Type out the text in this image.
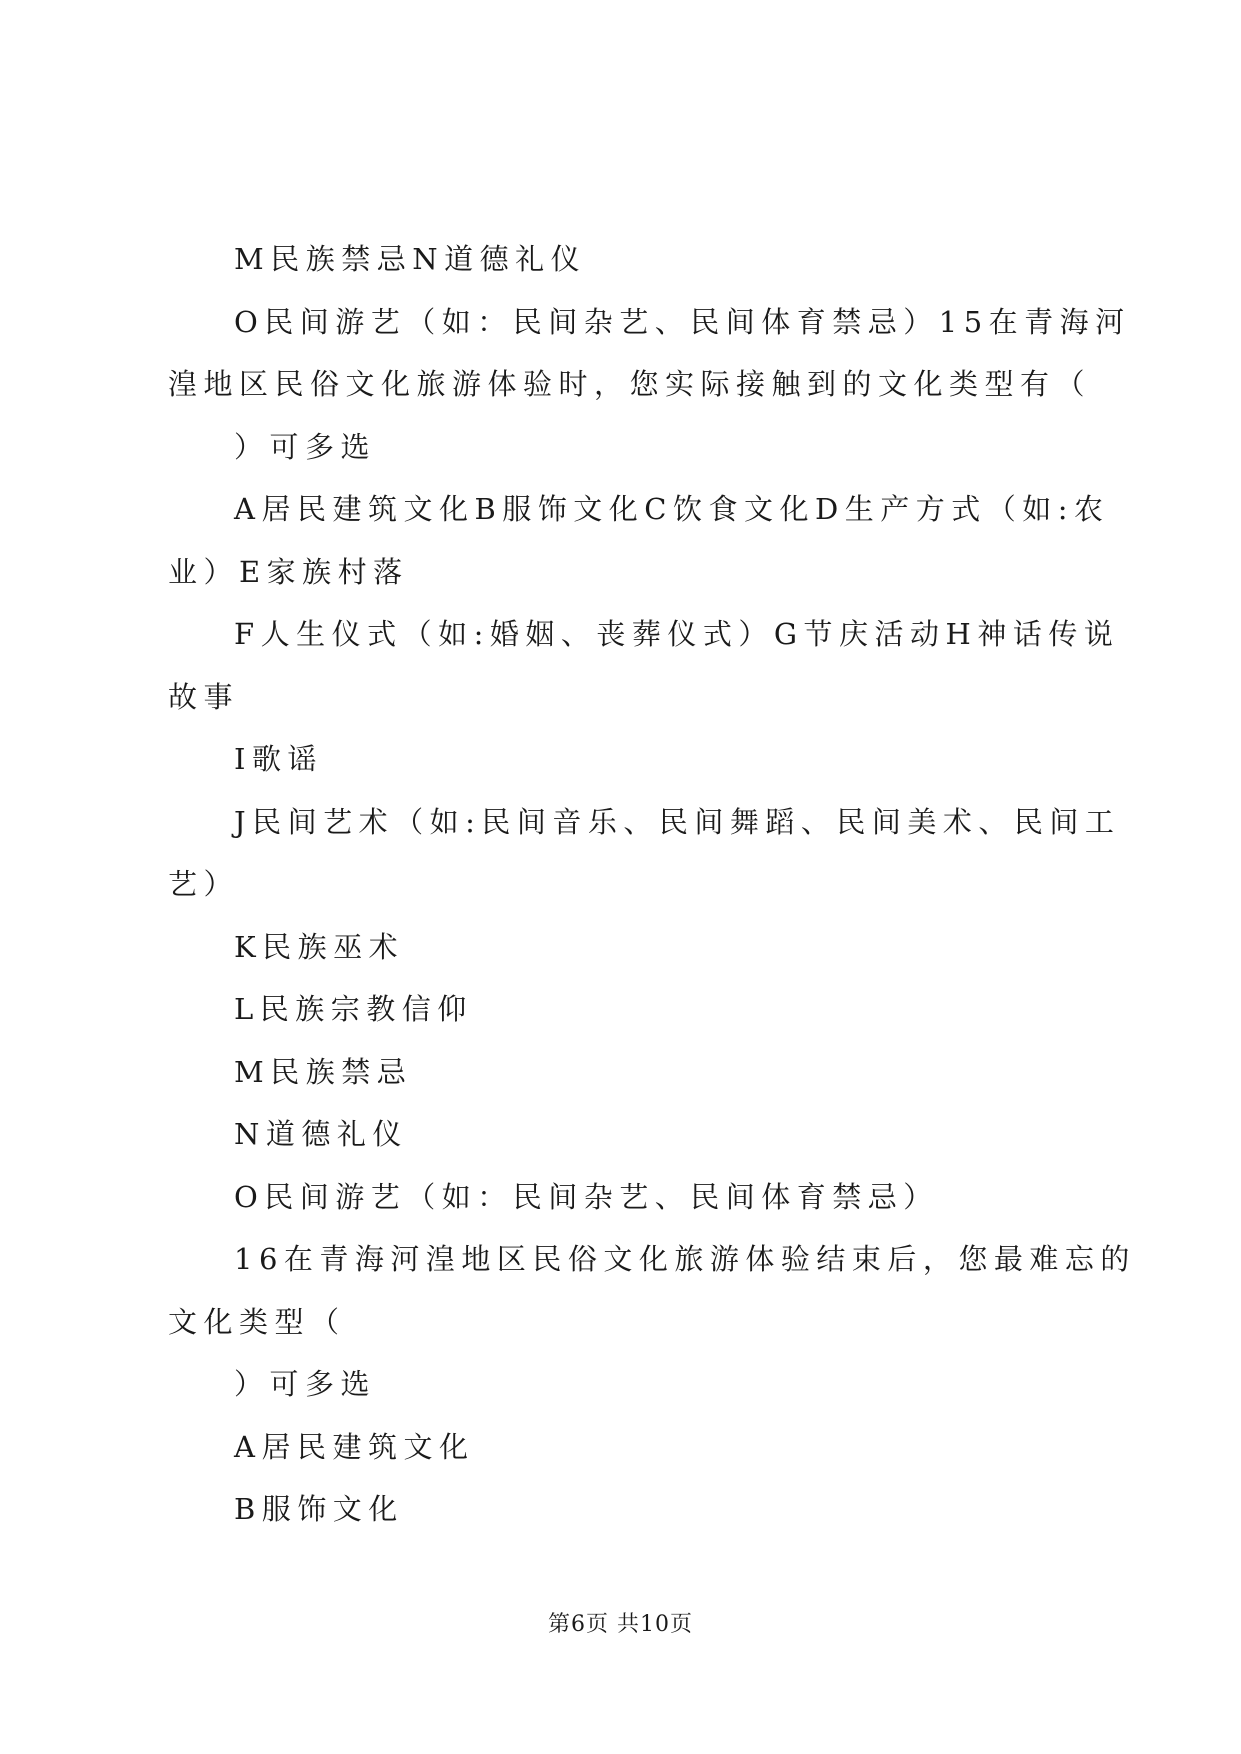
M民族禁忌N道德礼仪
O民间游艺（如：民间杂艺、民间体育禁忌）15在青海河
湟地区民俗文化旅游体验时，您实际接触到的文化类型有（
）可多选
A居民建筑文化B服饰文化C饮食文化D生产方式（如:农
业）E家族村落
F人生仪式（如:婚姻、丧葬仪式）G节庆活动H神话传说
故事
I歌谣
J民间艺术（如:民间音乐、民间舞蹈、民间美术、民间工
艺）
K民族巫术
L民族宗教信仰
M民族禁忌
N道德礼仪
O民间游艺（如：民间杂艺、民间体育禁忌）
16在青海河湟地区民俗文化旅游体验结束后，您最难忘的
文化类型（
）可多选
A居民建筑文化
B服饰文化
第6页 共10页
